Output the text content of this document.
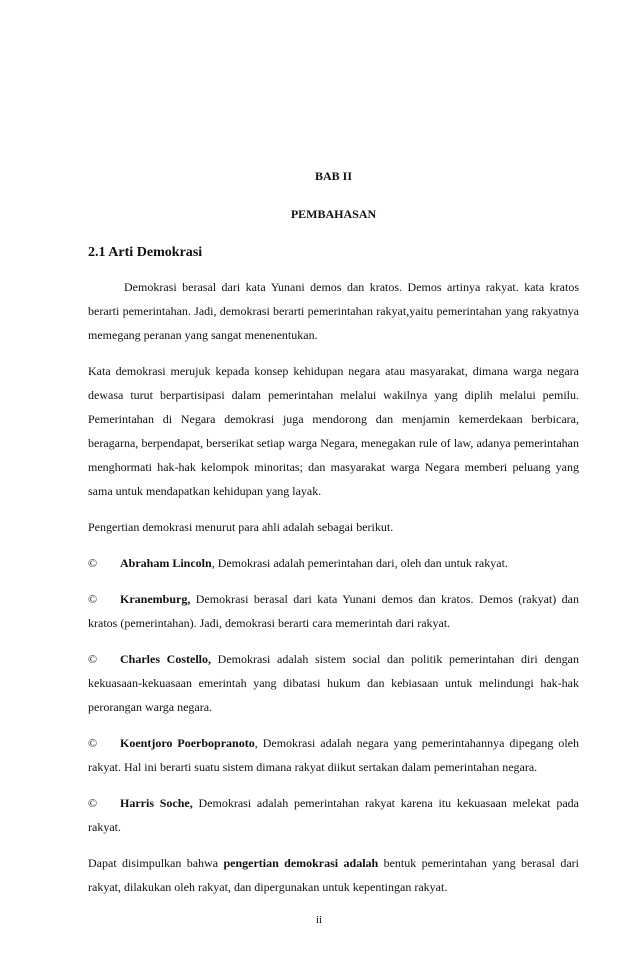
BAB II
PEMBAHASAN
2.1 Arti Demokrasi

Demokrasi berasal dari kata Yunani demos dan kratos. Demos artinya rakyat. kata kratos berarti pemerintahan. Jadi, demokrasi berarti pemerintahan rakyat,yaitu pemerintahan yang rakyatnya memegang peranan yang sangat menenentukan.

Kata demokrasi merujuk kepada konsep kehidupan negara atau masyarakat, dimana warga negara dewasa turut berpartisipasi dalam pemerintahan melalui wakilnya yang diplih melalui pemilu. Pemerintahan di Negara demokrasi juga mendorong dan menjamin kemerdekaan berbicara, beragarna, berpendapat, berserikat setiap warga Negara, menegakan rule of law, adanya pemerintahan menghormati hak-hak kelompok minoritas; dan masyarakat warga Negara memberi peluang yang sama untuk mendapatkan kehidupan yang layak.

Pengertian demokrasi menurut para ahli adalah sebagai berikut.

© Abraham Lincoln, Demokrasi adalah pemerintahan dari, oleh dan untuk rakyat.

© Kranemburg, Demokrasi berasal dari kata Yunani demos dan kratos. Demos (rakyat) dan kratos (pemerintahan). Jadi, demokrasi berarti cara memerintah dari rakyat.

© Charles Costello, Demokrasi adalah sistem social dan politik pemerintahan diri dengan kekuasaan-kekuasaan emerintah yang dibatasi hukum dan kebiasaan untuk melindungi hak-hak perorangan warga negara.

© Koentjoro Poerbopranoto, Demokrasi adalah negara yang pemerintahannya dipegang oleh rakyat. Hal ini berarti suatu sistem dimana rakyat diikut sertakan dalam pemerintahan negara.

© Harris Soche, Demokrasi adalah pemerintahan rakyat karena itu kekuasaan melekat pada rakyat.

Dapat disimpulkan bahwa pengertian demokrasi adalah bentuk pemerintahan yang berasal dari rakyat, dilakukan oleh rakyat, dan dipergunakan untuk kepentingan rakyat.

ii
